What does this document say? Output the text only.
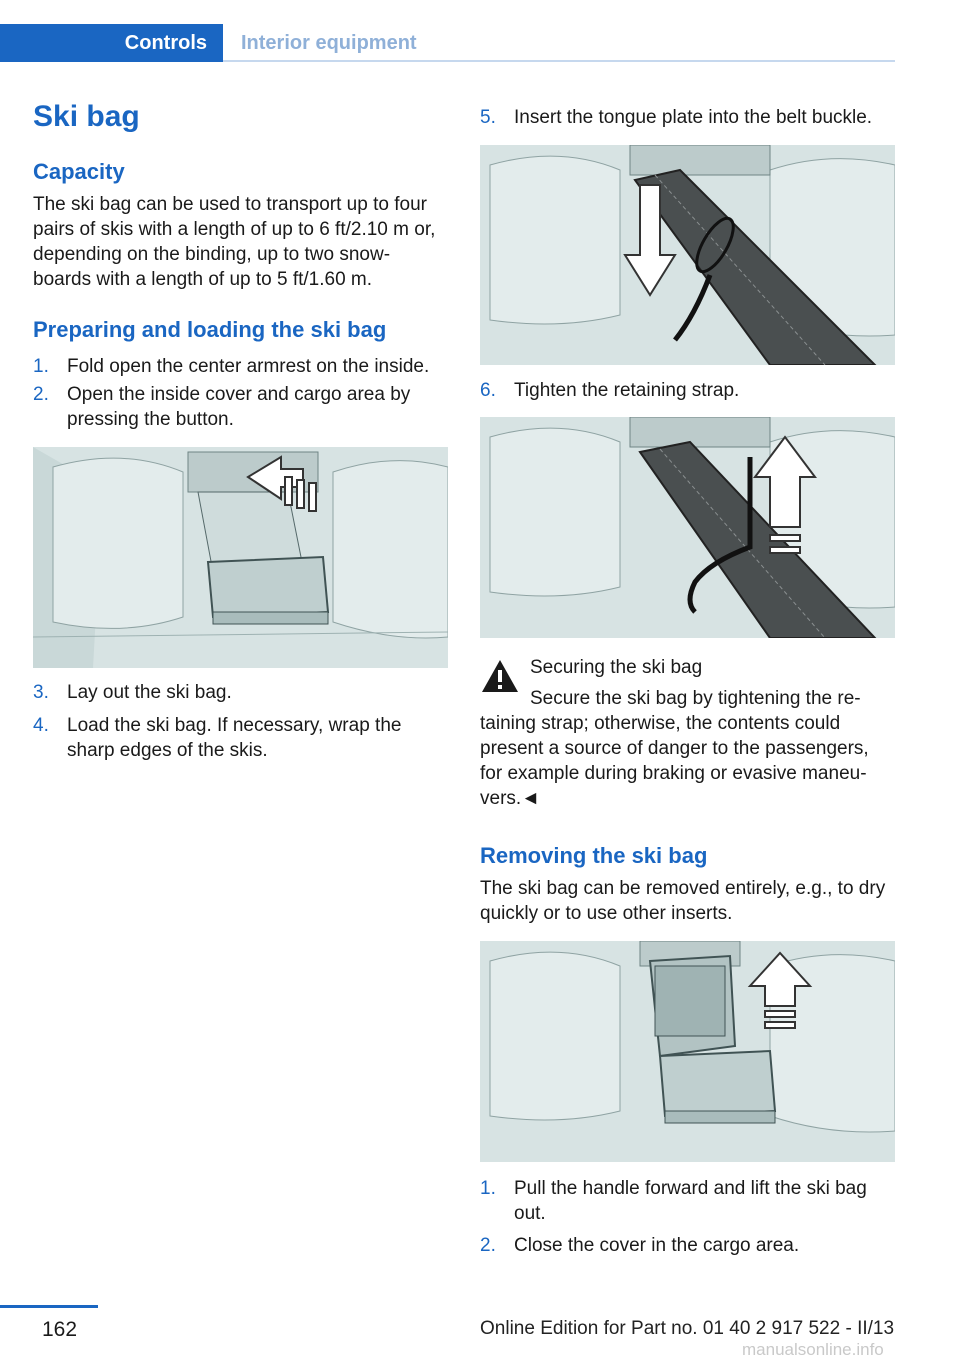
Controls	Interior equipment
Ski bag
Capacity
The ski bag can be used to transport up to four
pairs of skis with a length of up to 6 ft/2.10 m or,
depending on the binding, up to two snow‐
boards with a length of up to 5 ft/1.60 m.
Preparing and loading the ski bag
1. Fold open the center armrest on the inside.
2. Open the inside cover and cargo area by pressing the button.
3. Lay out the ski bag.
4. Load the ski bag. If necessary, wrap the sharp edges of the skis.
5. Insert the tongue plate into the belt buckle.
6. Tighten the retaining strap.
Securing the ski bag
Secure the ski bag by tightening the re‐
taining strap; otherwise, the contents could
present a source of danger to the passengers,
for example during braking or evasive maneu‐
vers.◄
Removing the ski bag
The ski bag can be removed entirely, e.g., to dry
quickly or to use other inserts.
1. Pull the handle forward and lift the ski bag out.
2. Close the cover in the cargo area.
162	Online Edition for Part no. 01 40 2 917 522 - II/13
manualsonline.info
